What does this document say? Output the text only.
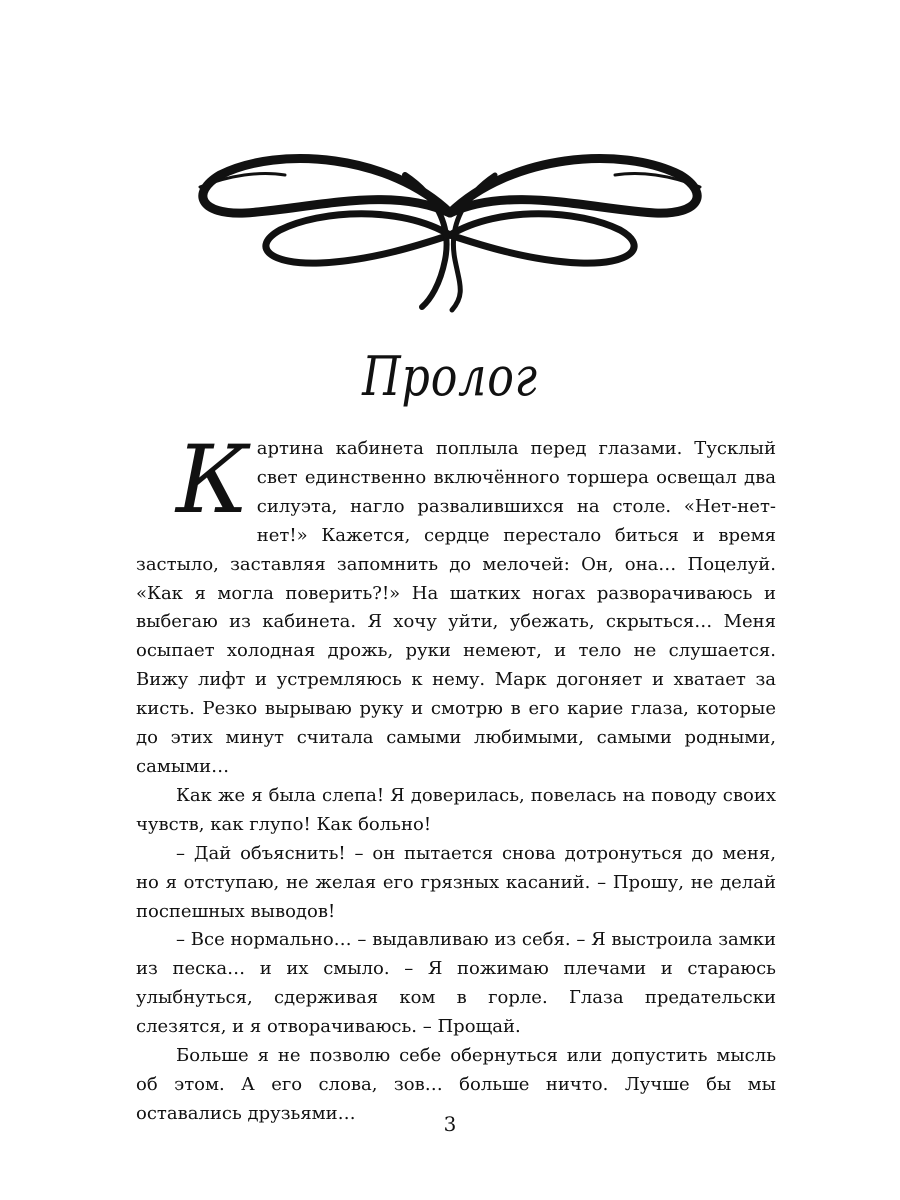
Пролог

Картина кабинета поплыла перед глазами. Тусклый свет единственно включённого торшера освещал два силуэта, нагло развалившихся на столе. «Нет-нет-нет!» Кажется, сердце перестало биться и время застыло, заставляя запомнить до мелочей: Он, она… Поцелуй. «Как я могла поверить?!» На шатких ногах разворачиваюсь и выбегаю из кабинета. Я хочу уйти, убежать, скрыться… Меня осыпает холодная дрожь, руки немеют, и тело не слушается. Вижу лифт и устремляюсь к нему. Марк догоняет и хватает за кисть. Резко вырываю руку и смотрю в его карие глаза, которые до этих минут считала самыми любимыми, самыми родными, самыми…

Как же я была слепа! Я доверилась, повелась на поводу своих чувств, как глупо! Как больно!

– Дай объяснить! – он пытается снова дотронуться до меня, но я отступаю, не желая его грязных касаний. – Прошу, не делай поспешных выводов!

– Все нормально… – выдавливаю из себя. – Я выстроила замки из песка… и их смыло. – Я пожимаю плечами и стараюсь улыбнуться, сдерживая ком в горле. Глаза предательски слезятся, и я отворачиваюсь. – Прощай.

Больше я не позволю себе обернуться или допустить мысль об этом. А его слова, зов… больше ничто. Лучше бы мы оставались друзьями…	3
